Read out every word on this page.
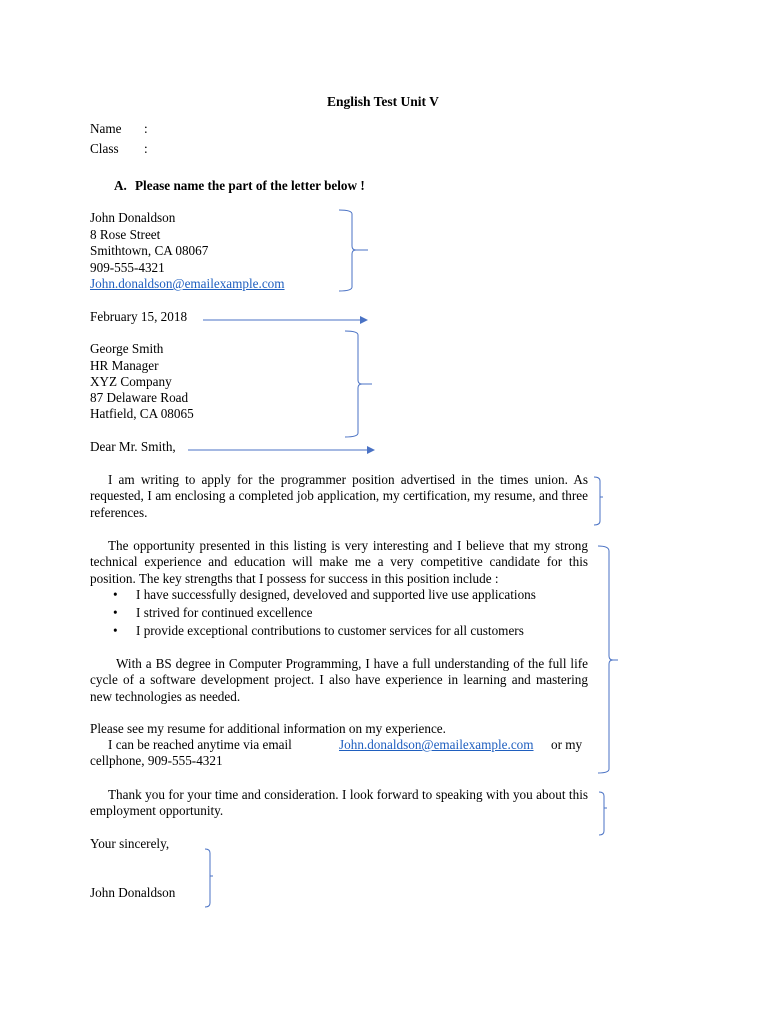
English Test Unit V
Name :
Class :
A. Please name the part of the letter below !
John Donaldson
8 Rose Street
Smithtown, CA 08067
909-555-4321
John.donaldson@emailexample.com
February 15, 2018
George Smith
HR Manager
XYZ Company
87 Delaware Road
Hatfield, CA 08065
Dear Mr. Smith,

I am writing to apply for the programmer position advertised in the times union. As requested, I am enclosing a completed job application, my certification, my resume, and three references.

The opportunity presented in this listing is very interesting and I believe that my strong technical experience and education will make me a very competitive candidate for this position. The key strengths that I possess for success in this position include :

• I have successfully designed, develoved and supported live use applications
• I strived for continued excellence
• I provide exceptional contributions to customer services for all customers

With a BS degree in Computer Programming, I have a full understanding of the full life cycle of a software development project. I also have experience in learning and mastering new technologies as needed.

Please see my resume for additional information on my experience.
I can be reached anytime via email	John.donaldson@emailexample.com or my
cellphone, 909-555-4321

Thank you for your time and consideration. I look forward to speaking with you about this employment opportunity.

Your sincerely,
John Donaldson
